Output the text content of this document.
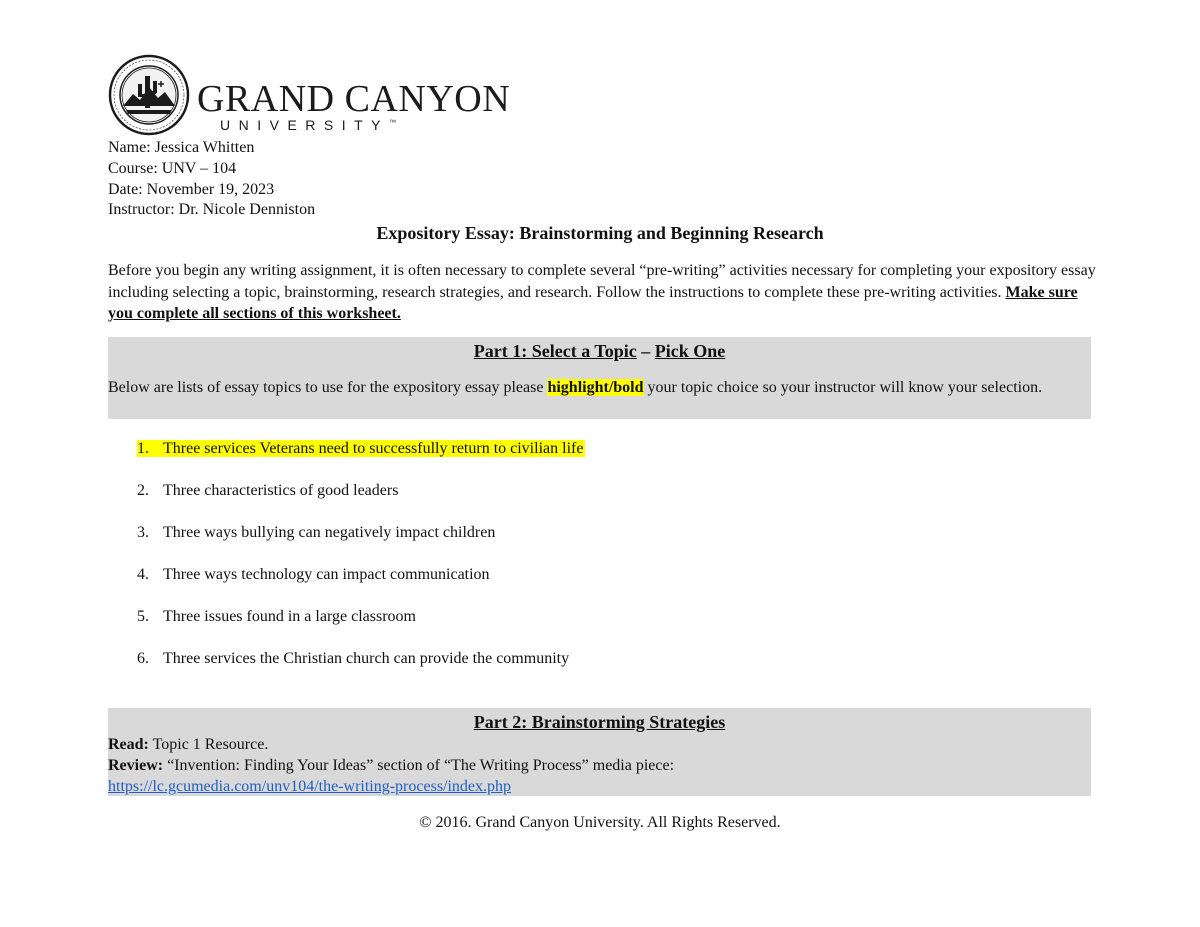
GRAND CANYON
UNIVERSITY™
Name: Jessica Whitten
Course: UNV – 104
Date: November 19, 2023
Instructor: Dr. Nicole Denniston
Expository Essay: Brainstorming and Beginning Research
Before you begin any writing assignment, it is often necessary to complete several “pre-writing” activities necessary for completing your expository essay including selecting a topic, brainstorming, research strategies, and research. Follow the instructions to complete these pre-writing activities. Make sure you complete all sections of this worksheet.
Part 1: Select a Topic – Pick One
Below are lists of essay topics to use for the expository essay please highlight/bold your topic choice so your instructor will know your selection.
1. Three services Veterans need to successfully return to civilian life
2. Three characteristics of good leaders
3. Three ways bullying can negatively impact children
4. Three ways technology can impact communication
5. Three issues found in a large classroom
6. Three services the Christian church can provide the community
Part 2: Brainstorming Strategies
Read: Topic 1 Resource.
Review: “Invention: Finding Your Ideas” section of “The Writing Process” media piece:
https://lc.gcumedia.com/unv104/the-writing-process/index.php
© 2016. Grand Canyon University. All Rights Reserved.
